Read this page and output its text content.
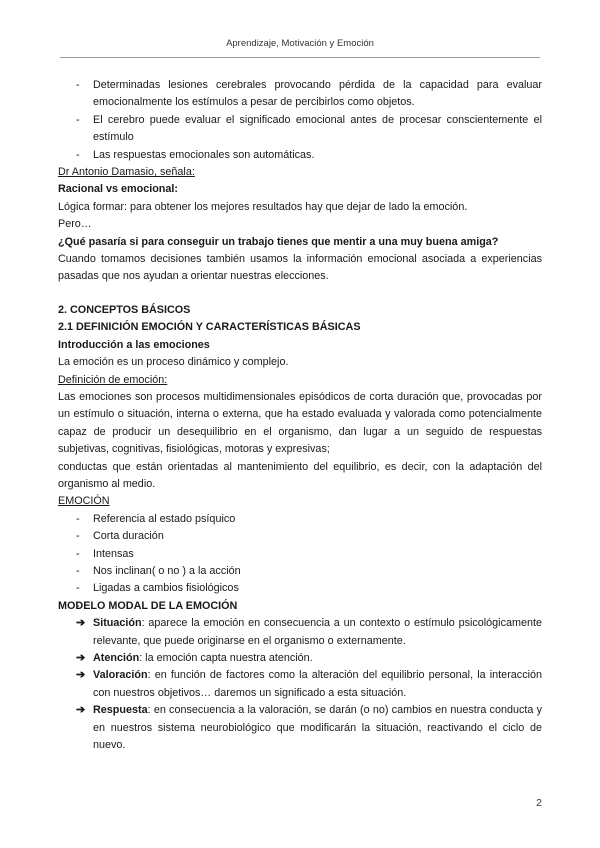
Aprendizaje, Motivación y Emoción
- Determinadas lesiones cerebrales provocando pérdida de la capacidad para evaluar emocionalmente los estímulos a pesar de percibirlos como objetos.
- El cerebro puede evaluar el significado emocional antes de procesar conscientemente el estímulo
- Las respuestas emocionales son automáticas.

Dr Antonio Damasio, señala:

Racional vs emocional:

Lógica formar: para obtener los mejores resultados hay que dejar de lado la emoción.

Pero…

¿Qué pasaría si para conseguir un trabajo tienes que mentir a una muy buena amiga?

Cuando tomamos decisiones también usamos la información emocional asociada a experiencias pasadas que nos ayudan a orientar nuestras elecciones.

2. CONCEPTOS BÁSICOS

2.1 DEFINICIÓN EMOCIÓN Y CARACTERÍSTICAS BÁSICAS

Introducción a las emociones

La emoción es un proceso dinámico y complejo.

Definición de emoción:

Las emociones son procesos multidimensionales episódicos de corta duración que, provocadas por un estímulo o situación, interna o externa, que ha estado evaluada y valorada como potencialmente capaz de producir un desequilibrio en el organismo, dan lugar a un seguido de respuestas subjetivas, cognitivas, fisiológicas, motoras y expresivas;

conductas que están orientadas al mantenimiento del equilibrio, es decir, con la adaptación del organismo al medio.

EMOCIÓN

- Referencia al estado psíquico
- Corta duración
- Intensas
- Nos inclinan( o no ) a la acción
- Ligadas a cambios fisiológicos

MODELO MODAL DE LA EMOCIÓN

➔ Situación: aparece la emoción en consecuencia a un contexto o estímulo psicológicamente relevante, que puede originarse en el organismo o externamente.
➔ Atención: la emoción capta nuestra atención.
➔ Valoración: en función de factores como la alteración del equilibrio personal, la interacción con nuestros objetivos… daremos un significado a esta situación.
➔ Respuesta: en consecuencia a la valoración, se darán (o no) cambios en nuestra conducta y en nuestros sistema neurobiológico que modificarán la situación, reactivando el ciclo de nuevo.
2
